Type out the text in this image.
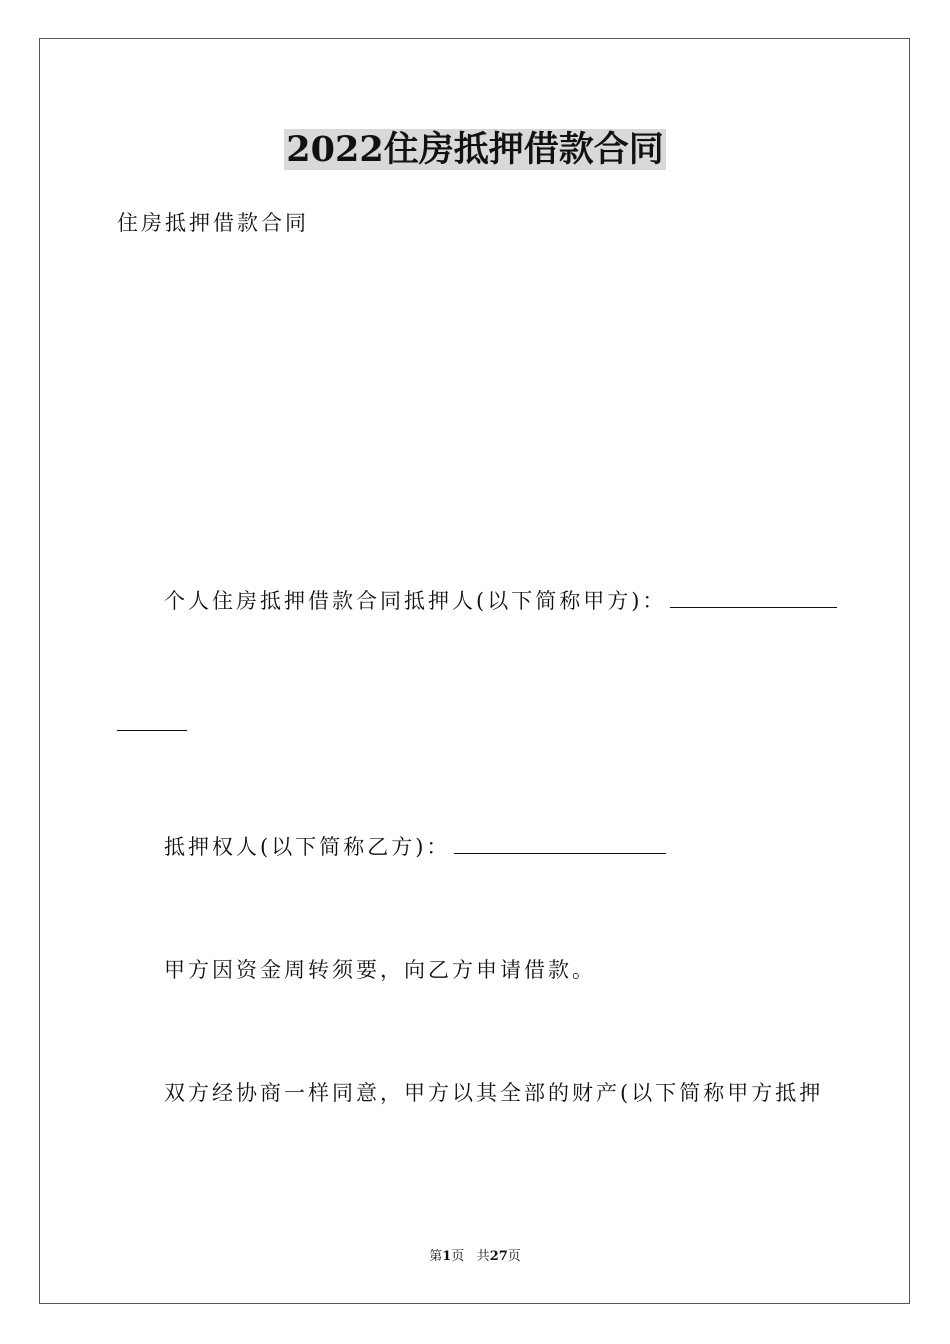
2022住房抵押借款合同
住房抵押借款合同
个人住房抵押借款合同抵押人(以下简称甲方)：
抵押权人(以下简称乙方)：
甲方因资金周转须要，向乙方申请借款。
双方经协商一样同意，甲方以其全部的财产(以下简称甲方抵押
第1页 共27页
